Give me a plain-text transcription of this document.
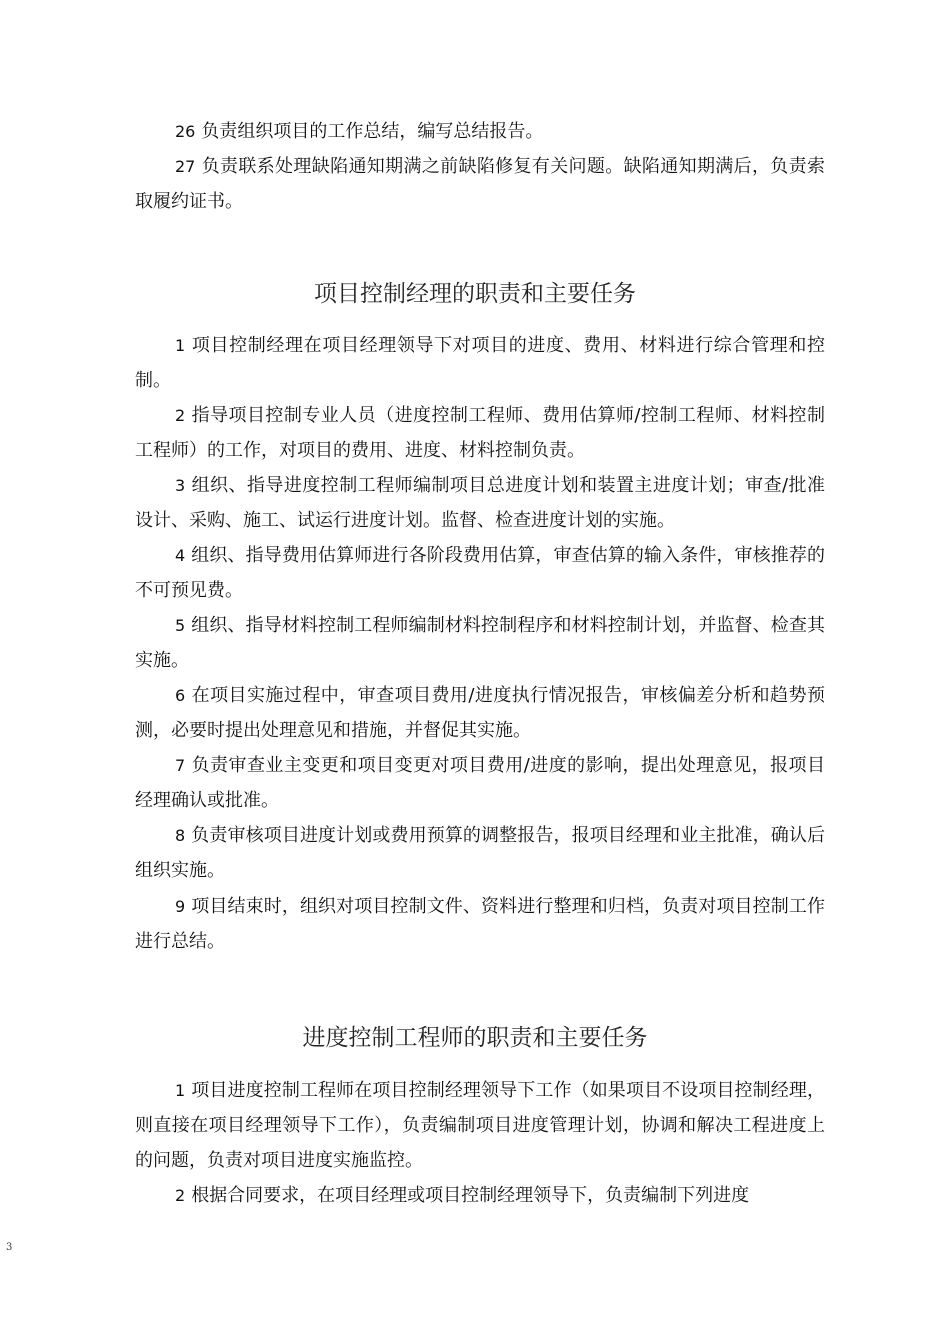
26 负责组织项目的工作总结，编写总结报告。
27 负责联系处理缺陷通知期满之前缺陷修复有关问题。缺陷通知期满后，负责索取履约证书。
项目控制经理的职责和主要任务
1 项目控制经理在项目经理领导下对项目的进度、费用、材料进行综合管理和控制。
2 指导项目控制专业人员（进度控制工程师、费用估算师/控制工程师、材料控制工程师）的工作，对项目的费用、进度、材料控制负责。
3 组织、指导进度控制工程师编制项目总进度计划和装置主进度计划；审查/批准设计、采购、施工、试运行进度计划。监督、检查进度计划的实施。
4 组织、指导费用估算师进行各阶段费用估算，审查估算的输入条件，审核推荐的不可预见费。
5 组织、指导材料控制工程师编制材料控制程序和材料控制计划，并监督、检查其实施。
6 在项目实施过程中，审查项目费用/进度执行情况报告，审核偏差分析和趋势预测，必要时提出处理意见和措施，并督促其实施。
7 负责审查业主变更和项目变更对项目费用/进度的影响，提出处理意见，报项目经理确认或批准。
8 负责审核项目进度计划或费用预算的调整报告，报项目经理和业主批准，确认后组织实施。
9 项目结束时，组织对项目控制文件、资料进行整理和归档，负责对项目控制工作进行总结。
进度控制工程师的职责和主要任务
1 项目进度控制工程师在项目控制经理领导下工作（如果项目不设项目控制经理，则直接在项目经理领导下工作），负责编制项目进度管理计划，协调和解决工程进度上的问题，负责对项目进度实施监控。
2 根据合同要求，在项目经理或项目控制经理领导下，负责编制下列进度
3
